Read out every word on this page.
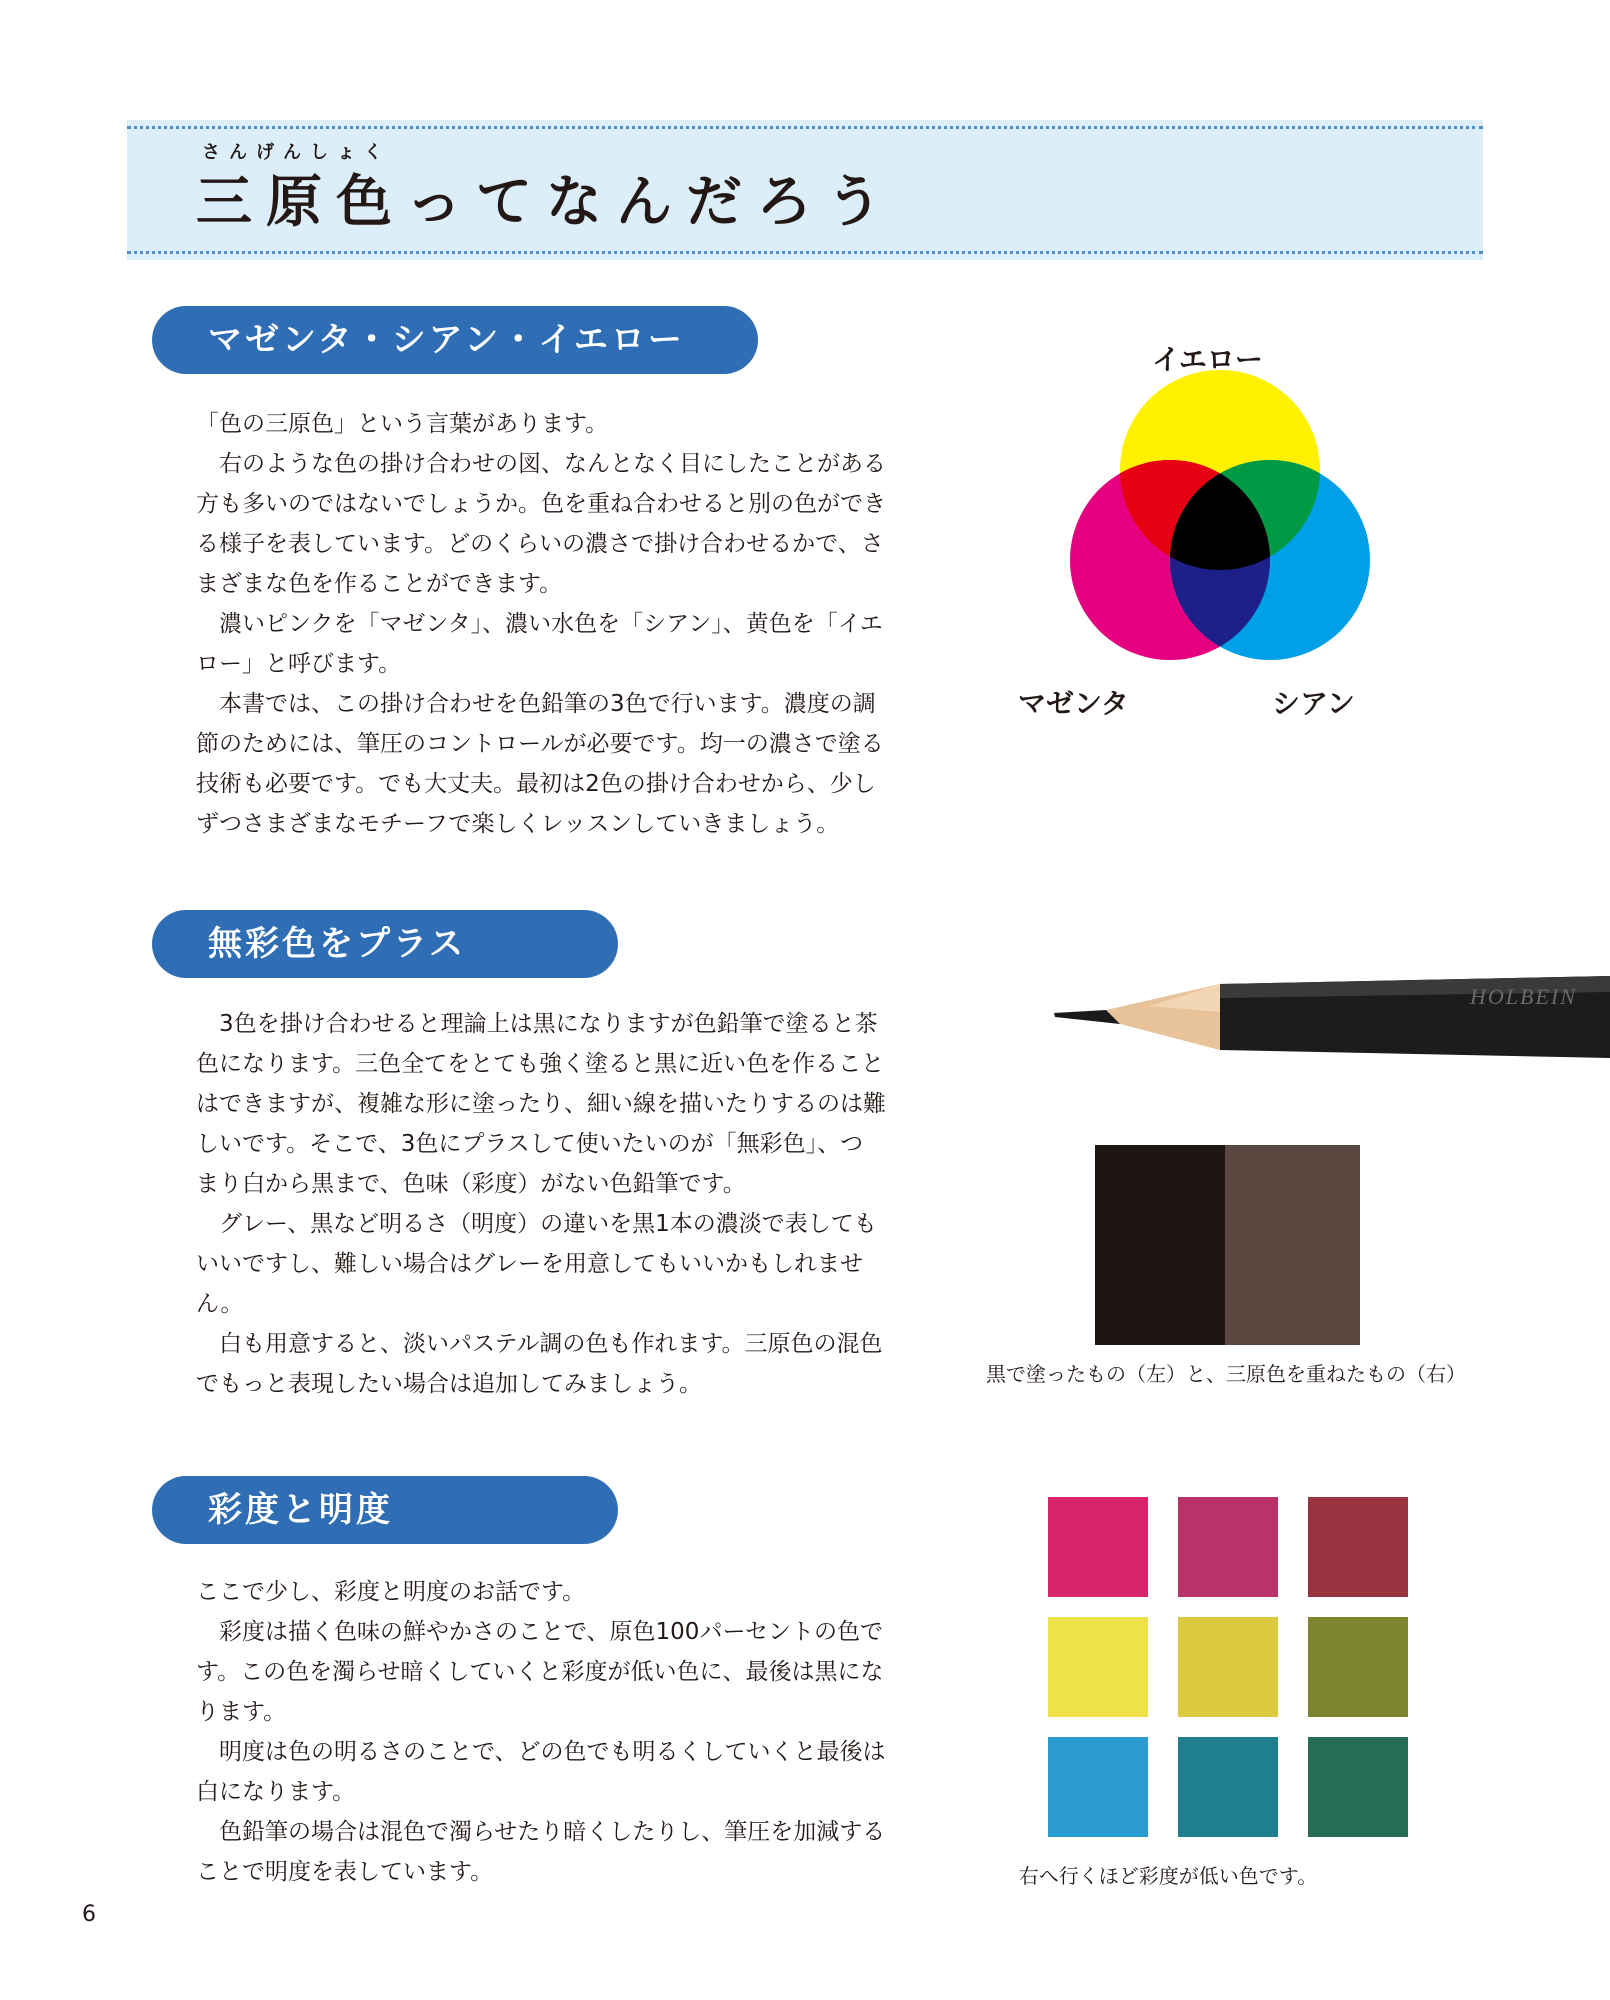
さんげんしょく
三原色ってなんだろう
マゼンタ・シアン・イエロー

「色の三原色」という言葉があります。

右のような色の掛け合わせの図、なんとなく目にしたことがある方も多いのではないでしょうか。色を重ね合わせると別の色ができる様子を表しています。どのくらいの濃さで掛け合わせるかで、さまざまな色を作ることができます。

濃いピンクを「マゼンタ」、濃い水色を「シアン」、黄色を「イエロー」と呼びます。

本書では、この掛け合わせを色鉛筆の3色で行います。濃度の調節のためには、筆圧のコントロールが必要です。均一の濃さで塗る技術も必要です。でも大丈夫。最初は2色の掛け合わせから、少しずつさまざまなモチーフで楽しくレッスンしていきましょう。

無彩色をプラス

3色を掛け合わせると理論上は黒になりますが色鉛筆で塗ると茶色になります。三色全てをとても強く塗ると黒に近い色を作ることはできますが、複雑な形に塗ったり、細い線を描いたりするのは難しいです。そこで、3色にプラスして使いたいのが「無彩色」、つまり白から黒まで、色味（彩度）がない色鉛筆です。

グレー、黒など明るさ（明度）の違いを黒1本の濃淡で表してもいいですし、難しい場合はグレーを用意してもいいかもしれません。

白も用意すると、淡いパステル調の色も作れます。三原色の混色でもっと表現したい場合は追加してみましょう。

彩度と明度

ここで少し、彩度と明度のお話です。

彩度は描く色味の鮮やかさのことで、原色100パーセントの色です。この色を濁らせ暗くしていくと彩度が低い色に、最後は黒になります。

明度は色の明るさのことで、どの色でも明るくしていくと最後は白になります。

色鉛筆の場合は混色で濁らせたり暗くしたりし、筆圧を加減することで明度を表しています。

イエロー
マゼンタ	シアン
HOLBEIN
黒で塗ったもの（左）と、三原色を重ねたもの（右）
右へ行くほど彩度が低い色です。
6
